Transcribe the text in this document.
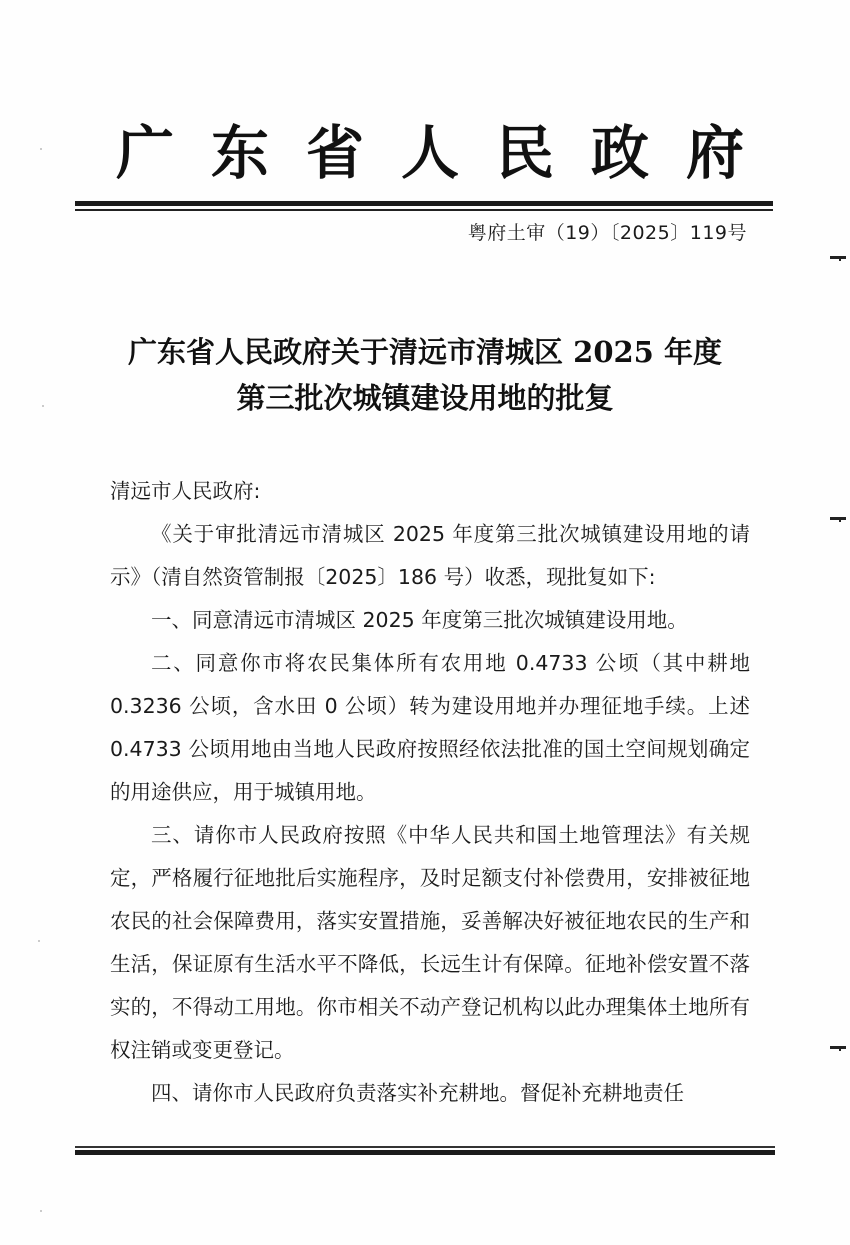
广 东 省 人 民 政 府
粤府土审（19）〔2025〕119号
广东省人民政府关于清远市清城区 2025 年度
第三批次城镇建设用地的批复
清远市人民政府:

《关于审批清远市清城区 2025 年度第三批次城镇建设用地的请示》（清自然资管制报〔2025〕186 号）收悉，现批复如下:

一、同意清远市清城区 2025 年度第三批次城镇建设用地。

二、同意你市将农民集体所有农用地 0.4733 公顷（其中耕地 0.3236 公顷，含水田 0 公顷）转为建设用地并办理征地手续。上述 0.4733 公顷用地由当地人民政府按照经依法批准的国土空间规划确定的用途供应，用于城镇用地。

三、请你市人民政府按照《中华人民共和国土地管理法》有关规定，严格履行征地批后实施程序，及时足额支付补偿费用，安排被征地农民的社会保障费用，落实安置措施，妥善解决好被征地农民的生产和生活，保证原有生活水平不降低，长远生计有保障。征地补偿安置不落实的，不得动工用地。你市相关不动产登记机构以此办理集体土地所有权注销或变更登记。

四、请你市人民政府负责落实补充耕地。督促补充耕地责任
